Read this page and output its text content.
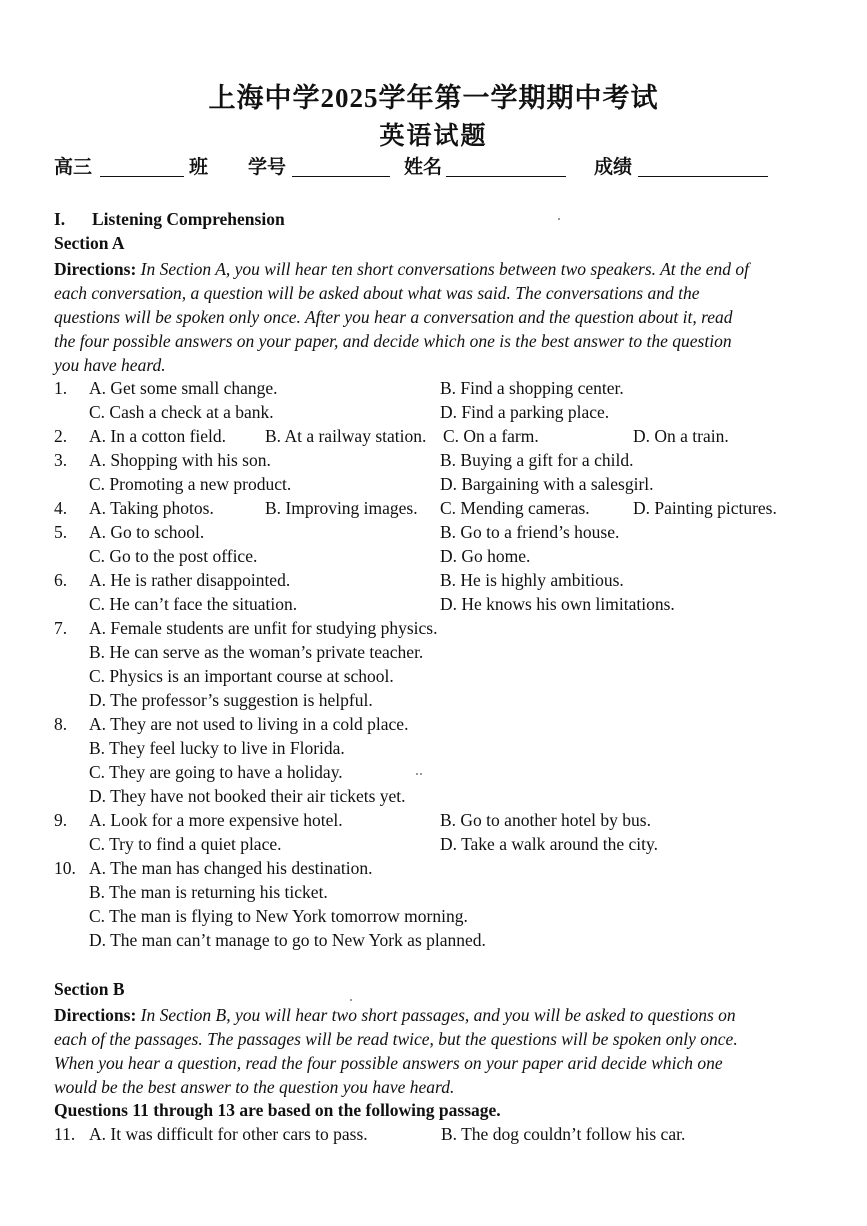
上海中学2025学年第一学期期中考试
英语试题
高三	班 学号	姓名	成绩
I. Listening Comprehension
Section A
Directions: In Section A, you will hear ten short conversations between two speakers. At the end of
each conversation, a question will be asked about what was said. The conversations and the
questions will be spoken only once. After you hear a conversation and the question about it, read
the four possible answers on your paper, and decide which one is the best answer to the question
you have heard.
1. A. Get some small change.	B. Find a shopping center.
C. Cash a check at a bank.	D. Find a parking place.
2. A. In a cotton field. B. At a railway station. C. On a farm.	D. On a train.
3. A. Shopping with his son.	B. Buying a gift for a child.
C. Promoting a new product.	D. Bargaining with a salesgirl.
4. A. Taking photos.	B. Improving images. C. Mending cameras. D. Painting pictures.
5. A. Go to school.	B. Go to a friend’s house.
C. Go to the post office.	D. Go home.
6. A. He is rather disappointed.	B. He is highly ambitious.
C. He can’t face the situation.	D. He knows his own limitations.
7. A. Female students are unfit for studying physics.
B. He can serve as the woman’s private teacher.
C. Physics is an important course at school.
D. The professor’s suggestion is helpful.
8. A. They are not used to living in a cold place.
B. They feel lucky to live in Florida.
C. They are going to have a holiday.
D. They have not booked their air tickets yet.
9. A. Look for a more expensive hotel.	B. Go to another hotel by bus.
C. Try to find a quiet place.	D. Take a walk around the city.
10. A. The man has changed his destination.
B. The man is returning his ticket.
C. The man is flying to New York tomorrow morning.
D. The man can’t manage to go to New York as planned.
Section B
Directions: In Section B, you will hear two short passages, and you will be asked to questions on
each of the passages. The passages will be read twice, but the questions will be spoken only once.
When you hear a question, read the four possible answers on your paper arid decide which one
would be the best answer to the question you have heard.
Questions 11 through 13 are based on the following passage.
11. A. It was difficult for other cars to pass.	B. The dog couldn’t follow his car.
